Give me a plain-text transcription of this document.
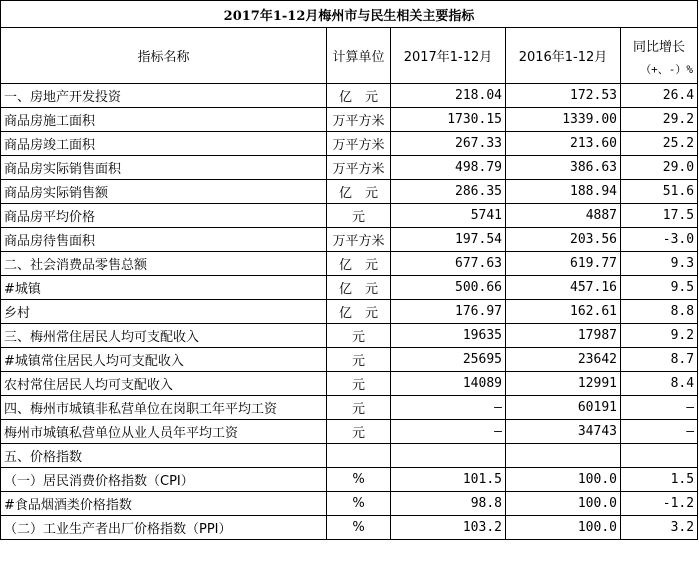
2017年1-12月梅州市与民生相关主要指标				
指标名称	计算单位	2017年1-12月	2016年1-12月	同比增长
（+、-）%

一、房地产开发投资	亿　元	218.04	172.53	26.4
商品房施工面积	万平方米	1730.15	1339.00	29.2
商品房竣工面积	万平方米	267.33	213.60	25.2
商品房实际销售面积	万平方米	498.79	386.63	29.0
商品房实际销售额	亿　元	286.35	188.94	51.6
商品房平均价格	元	5741	4887	17.5
商品房待售面积	万平方米	197.54	203.56	-3.0
二、社会消费品零售总额	亿　元	677.63	619.77	9.3
#城镇	亿　元	500.66	457.16	9.5
乡村	亿　元	176.97	162.61	8.8
三、梅州常住居民人均可支配收入	元	19635	17987	9.2
#城镇常住居民人均可支配收入	元	25695	23642	8.7
农村常住居民人均可支配收入	元	14089	12991	8.4
四、梅州市城镇非私营单位在岗职工年平均工资	元	—	60191	—
梅州市城镇私营单位从业人员年平均工资	元	—	34743	—
五、价格指数				
（一）居民消费价格指数（CPI）	%	101.5	100.0	1.5
#食品烟酒类价格指数	%	98.8	100.0	-1.2
（二）工业生产者出厂价格指数（PPI）	%	103.2	100.0	3.2
